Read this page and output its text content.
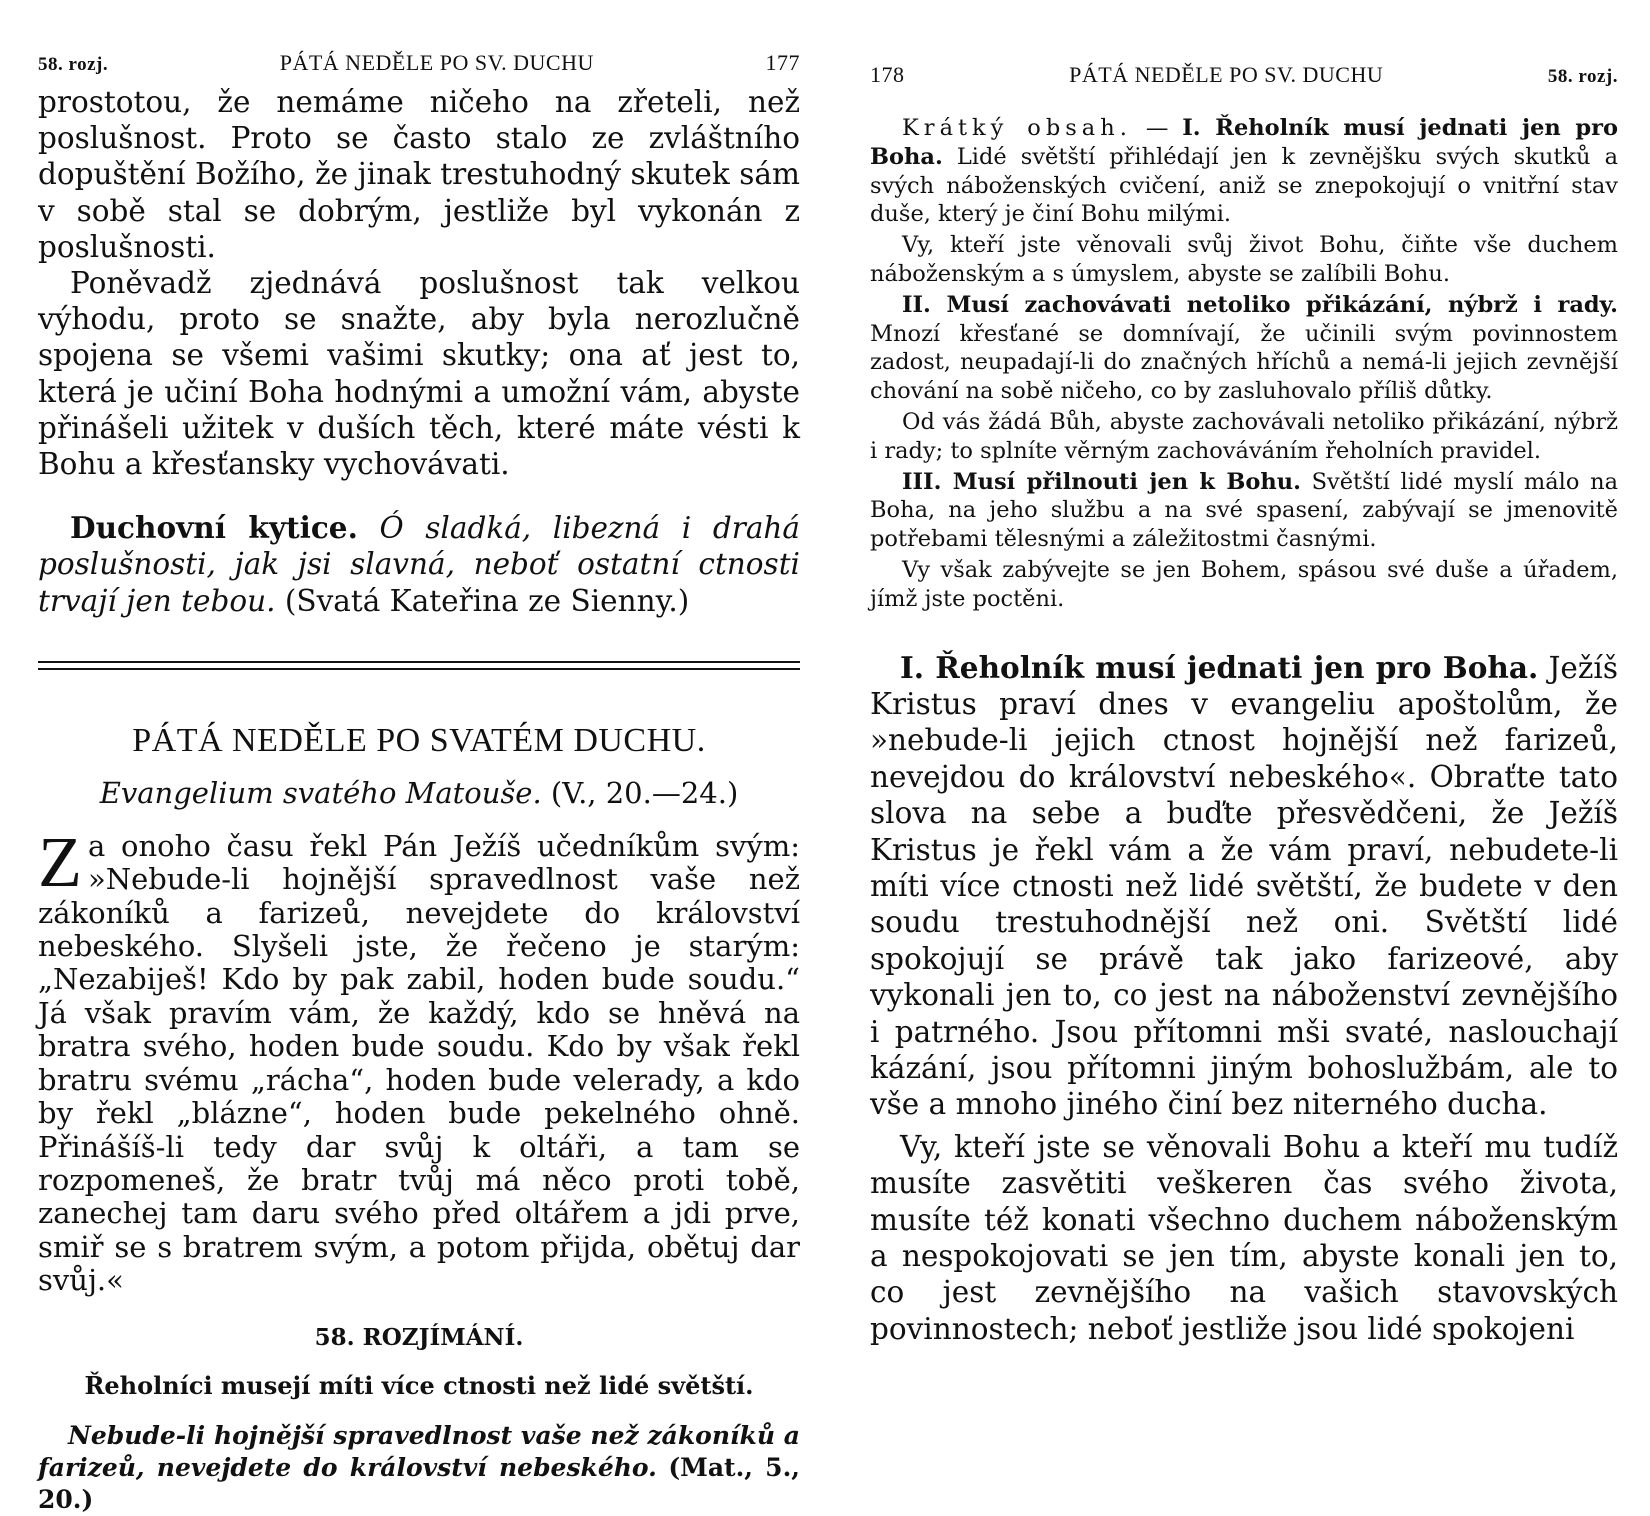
58. rozj.	PÁTÁ NEDĚLE PO SV. DUCHU	177

prostotou, že nemáme ničeho na zřeteli, než poslušnost. Proto se často stalo ze zvláštního dopuštění Božího, že jinak trestuhodný skutek sám v sobě stal se dobrým, jestliže byl vykonán z poslušnosti.

Poněvadž zjednává poslušnost tak velkou výhodu, proto se snažte, aby byla nerozlučně spojena se všemi vašimi skutky; ona ať jest to, která je učiní Boha hodnými a umožní vám, abyste přinášeli užitek v duších těch, které máte vésti k Bohu a křesťansky vychovávati.

Duchovní kytice. Ó sladká, libezná i drahá poslušnosti, jak jsi slavná, neboť ostatní ctnosti trvají jen tebou. (Svatá Kateřina ze Sienny.)

PÁTÁ NEDĚLE PO SVATÉM DUCHU.
Evangelium svatého Matouše. (V., 20.—24.)
Z a onoho času řekl Pán Ježíš učedníkům svým: »Nebude-li hojnější spravedlnost vaše než zákoníků a farizeů, nevejdete do království nebeského. Slyšeli jste, že řečeno je starým: „Nezabiješ! Kdo by pak zabil, hoden bude soudu.“ Já však pravím vám, že každý, kdo se hněvá na bratra svého, hoden bude soudu. Kdo by však řekl bratru svému „rácha“, hoden bude velerady, a kdo by řekl „blázne“, hoden bude pekelného ohně. Přinášíš-li tedy dar svůj k oltáři, a tam se rozpomeneš, že bratr tvůj má něco proti tobě, zanechej tam daru svého před oltářem a jdi prve, smiř se s bratrem svým, a potom přijda, obětuj dar svůj.«

58. ROZJÍMÁNÍ.
Řeholníci musejí míti více ctnosti než lidé světští.

Nebude-li hojnější spravedlnost vaše než zákoníků a farizeů, nevejdete do království nebeského. (Mat., 5., 20.)

178	PÁTÁ NEDĚLE PO SV. DUCHU	58. rozj.

Krátký obsah. — I. Řeholník musí jednati jen pro Boha. Lidé světští přihlédají jen k zevnějšku svých skutků a svých náboženských cvičení, aniž se znepokojují o vnitřní stav duše, který je činí Bohu milými.

Vy, kteří jste věnovali svůj život Bohu, čiňte vše duchem náboženským a s úmyslem, abyste se zalíbili Bohu.

II. Musí zachovávati netoliko přikázání, nýbrž i rady. Mnozí křesťané se domnívají, že učinili svým povinnostem zadost, neupadají-li do značných hříchů a nemá-li jejich zevnější chování na sobě ničeho, co by zasluhovalo příliš důtky.

Od vás žádá Bůh, abyste zachovávali netoliko přikázání, nýbrž i rady; to splníte věrným zachováváním řeholních pravidel.

III. Musí přilnouti jen k Bohu. Světští lidé myslí málo na Boha, na jeho službu a na své spasení, zabývají se jmenovitě potřebami tělesnými a záležitostmi časnými.

Vy však zabývejte se jen Bohem, spásou své duše a úřadem, jímž jste poctěni.

I. Řeholník musí jednati jen pro Boha. Ježíš Kristus praví dnes v evangeliu apoštolům, že »nebude-li jejich ctnost hojnější než farizeů, nevejdou do království nebeského«. Obraťte tato slova na sebe a buďte přesvědčeni, že Ježíš Kristus je řekl vám a že vám praví, nebudete-li míti více ctnosti než lidé světští, že budete v den soudu trestuhodnější než oni. Světští lidé spokojují se právě tak jako farizeové, aby vykonali jen to, co jest na náboženství zevnějšího i patrného. Jsou přítomni mši svaté, naslouchají kázání, jsou přítomni jiným bohoslužbám, ale to vše a mnoho jiného činí bez niterného ducha.

Vy, kteří jste se věnovali Bohu a kteří mu tudíž musíte zasvětiti veškeren čas svého života, musíte též konati všechno duchem náboženským a nespokojovati se jen tím, abyste konali jen to, co jest zevnějšího na vašich stavovských povinnostech; neboť jestliže jsou lidé spokojeni
